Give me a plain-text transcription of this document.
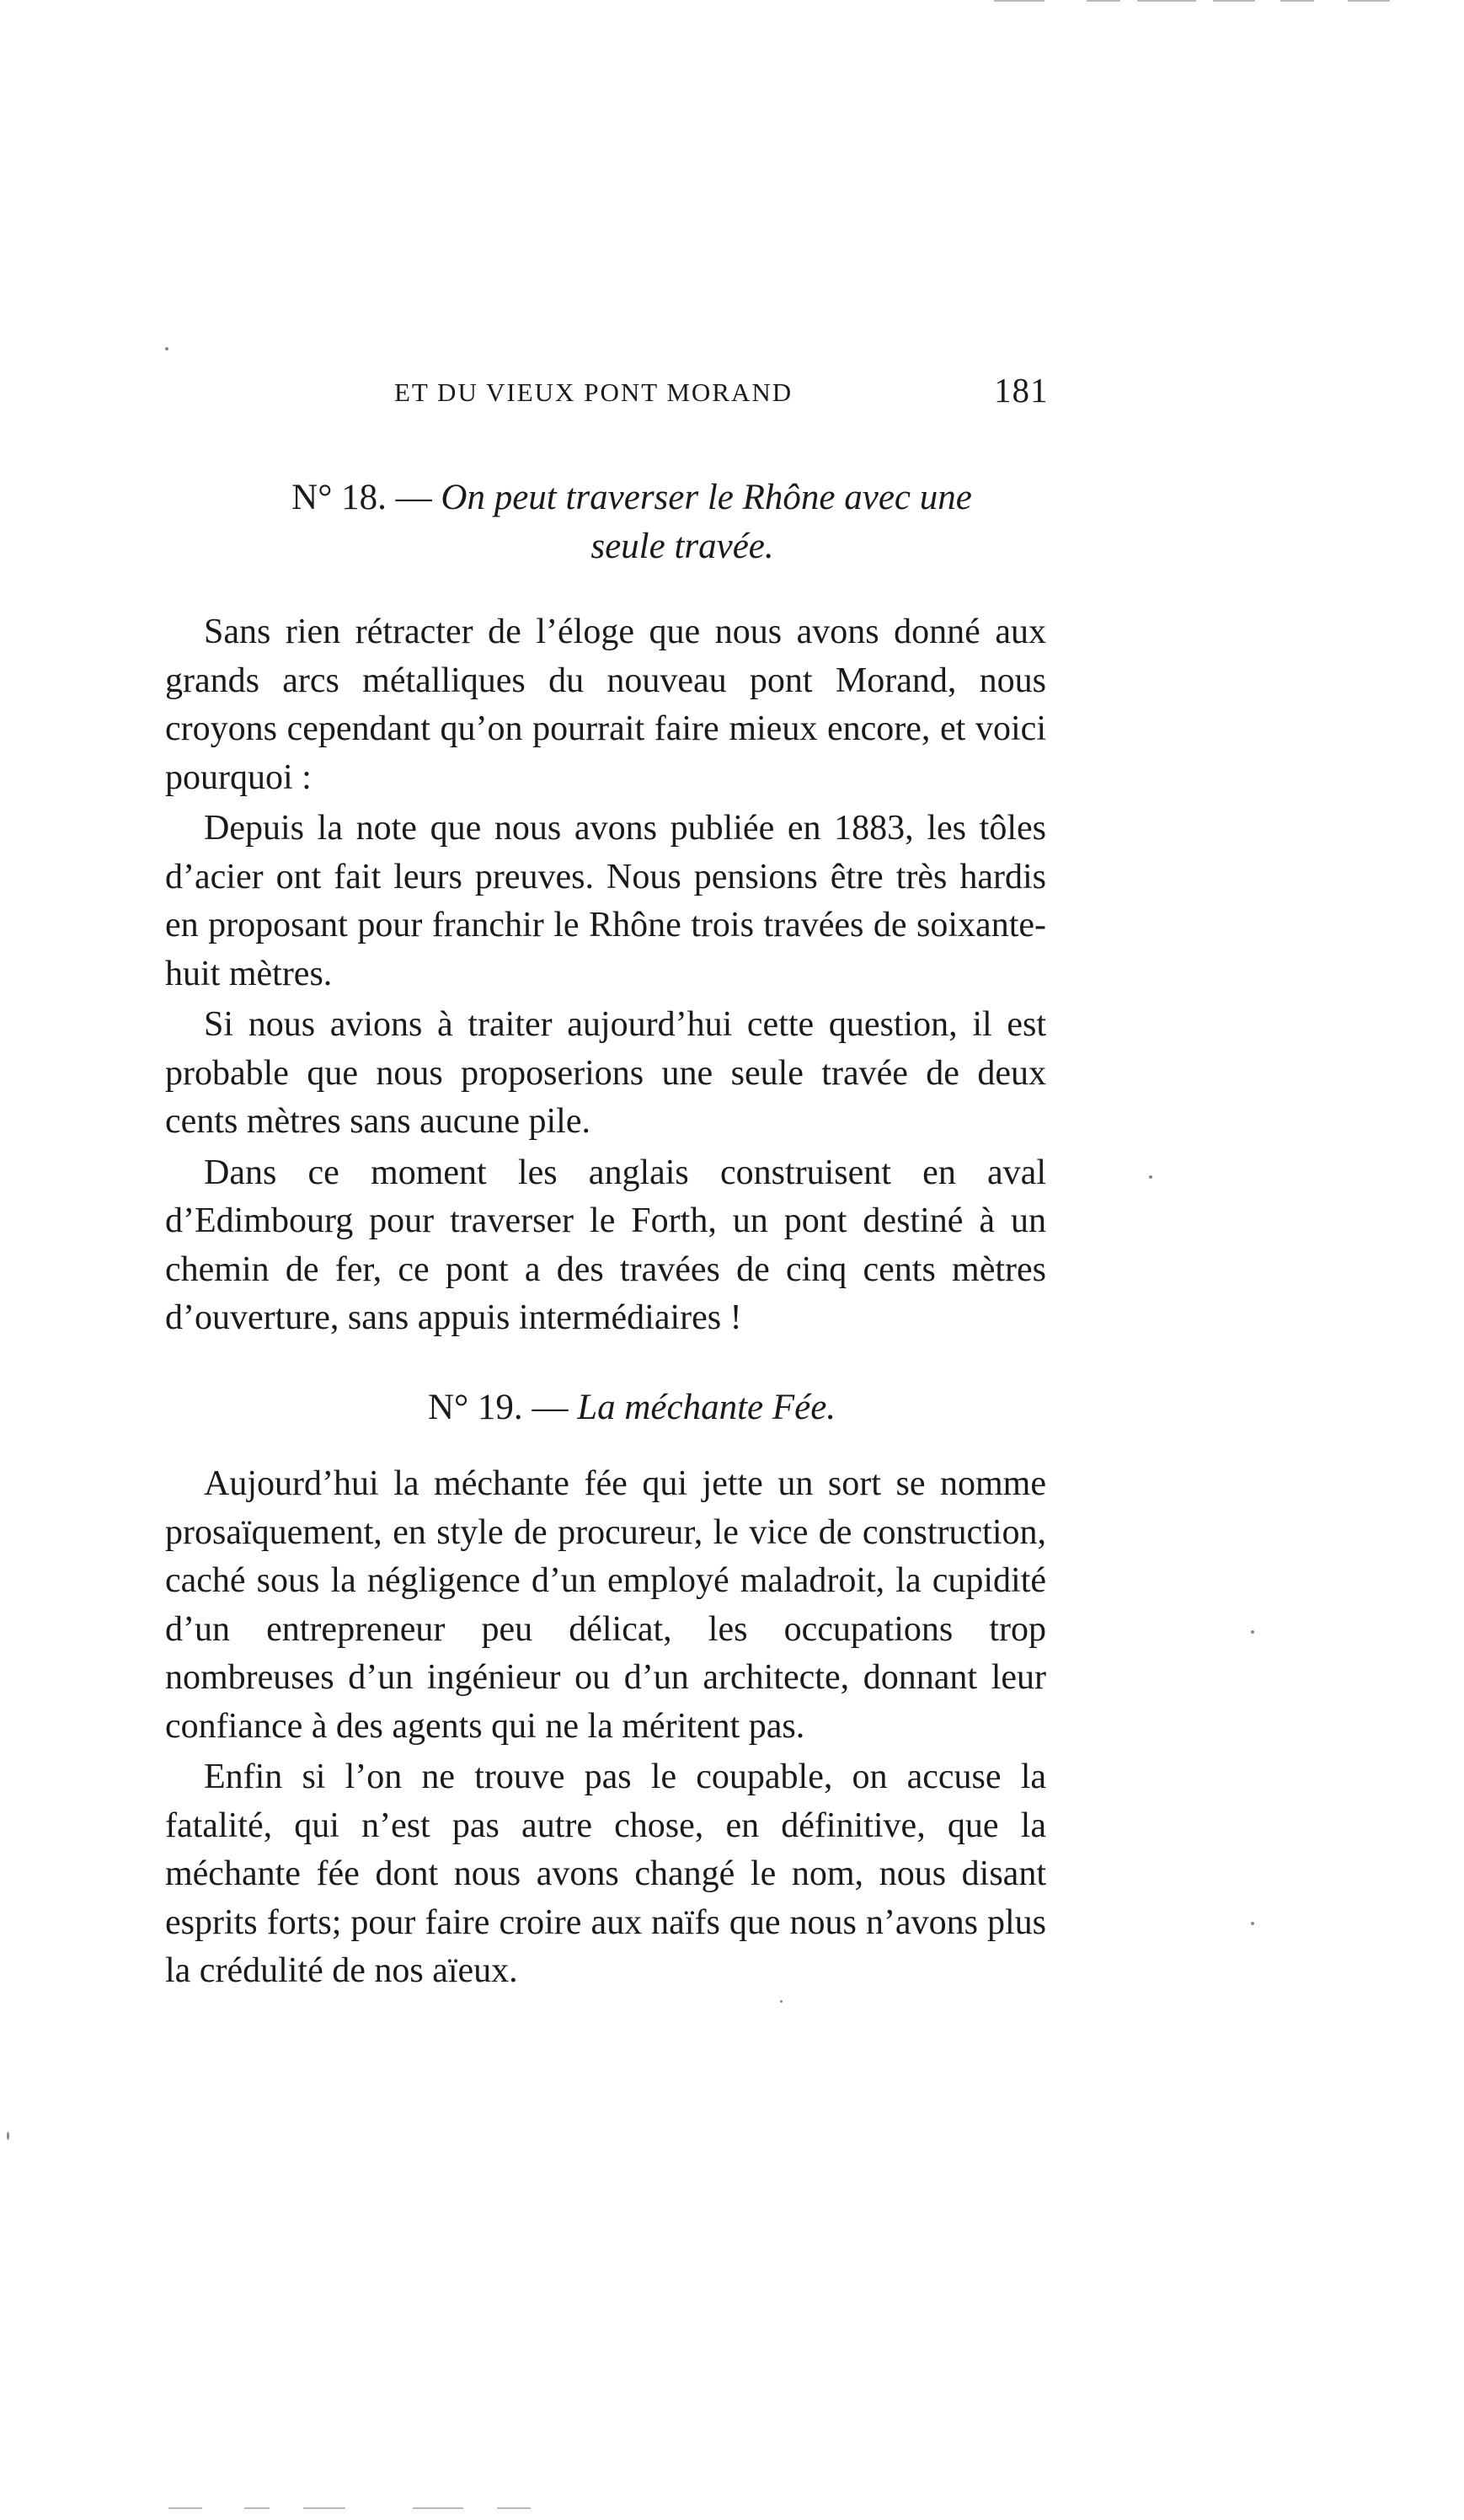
ET DU VIEUX PONT MORAND	181
N° 18. — On peut traverser le Rhône avec une
seule travée.

Sans rien rétracter de l’éloge que nous avons donné aux grands arcs métalliques du nouveau pont Morand, nous croyons cependant qu’on pourrait faire mieux encore, et voici pourquoi :

Depuis la note que nous avons publiée en 1883, les tôles d’acier ont fait leurs preuves. Nous pensions être très hardis en proposant pour franchir le Rhône trois travées de soixante-huit mètres.

Si nous avions à traiter aujourd’hui cette question, il est probable que nous proposerions une seule travée de deux cents mètres sans aucune pile.

Dans ce moment les anglais construisent en aval d’Edimbourg pour traverser le Forth, un pont destiné à un chemin de fer, ce pont a des travées de cinq cents mètres d’ouverture, sans appuis intermédiaires !

N° 19. — La méchante Fée.

Aujourd’hui la méchante fée qui jette un sort se nomme prosaïquement, en style de procureur, le vice de construction, caché sous la négligence d’un employé maladroit, la cupidité d’un entrepreneur peu délicat, les occupations trop nombreuses d’un ingénieur ou d’un architecte, donnant leur confiance à des agents qui ne la méritent pas.

Enfin si l’on ne trouve pas le coupable, on accuse la fatalité, qui n’est pas autre chose, en définitive, que la méchante fée dont nous avons changé le nom, nous disant esprits forts; pour faire croire aux naïfs que nous n’avons plus la crédulité de nos aïeux.
